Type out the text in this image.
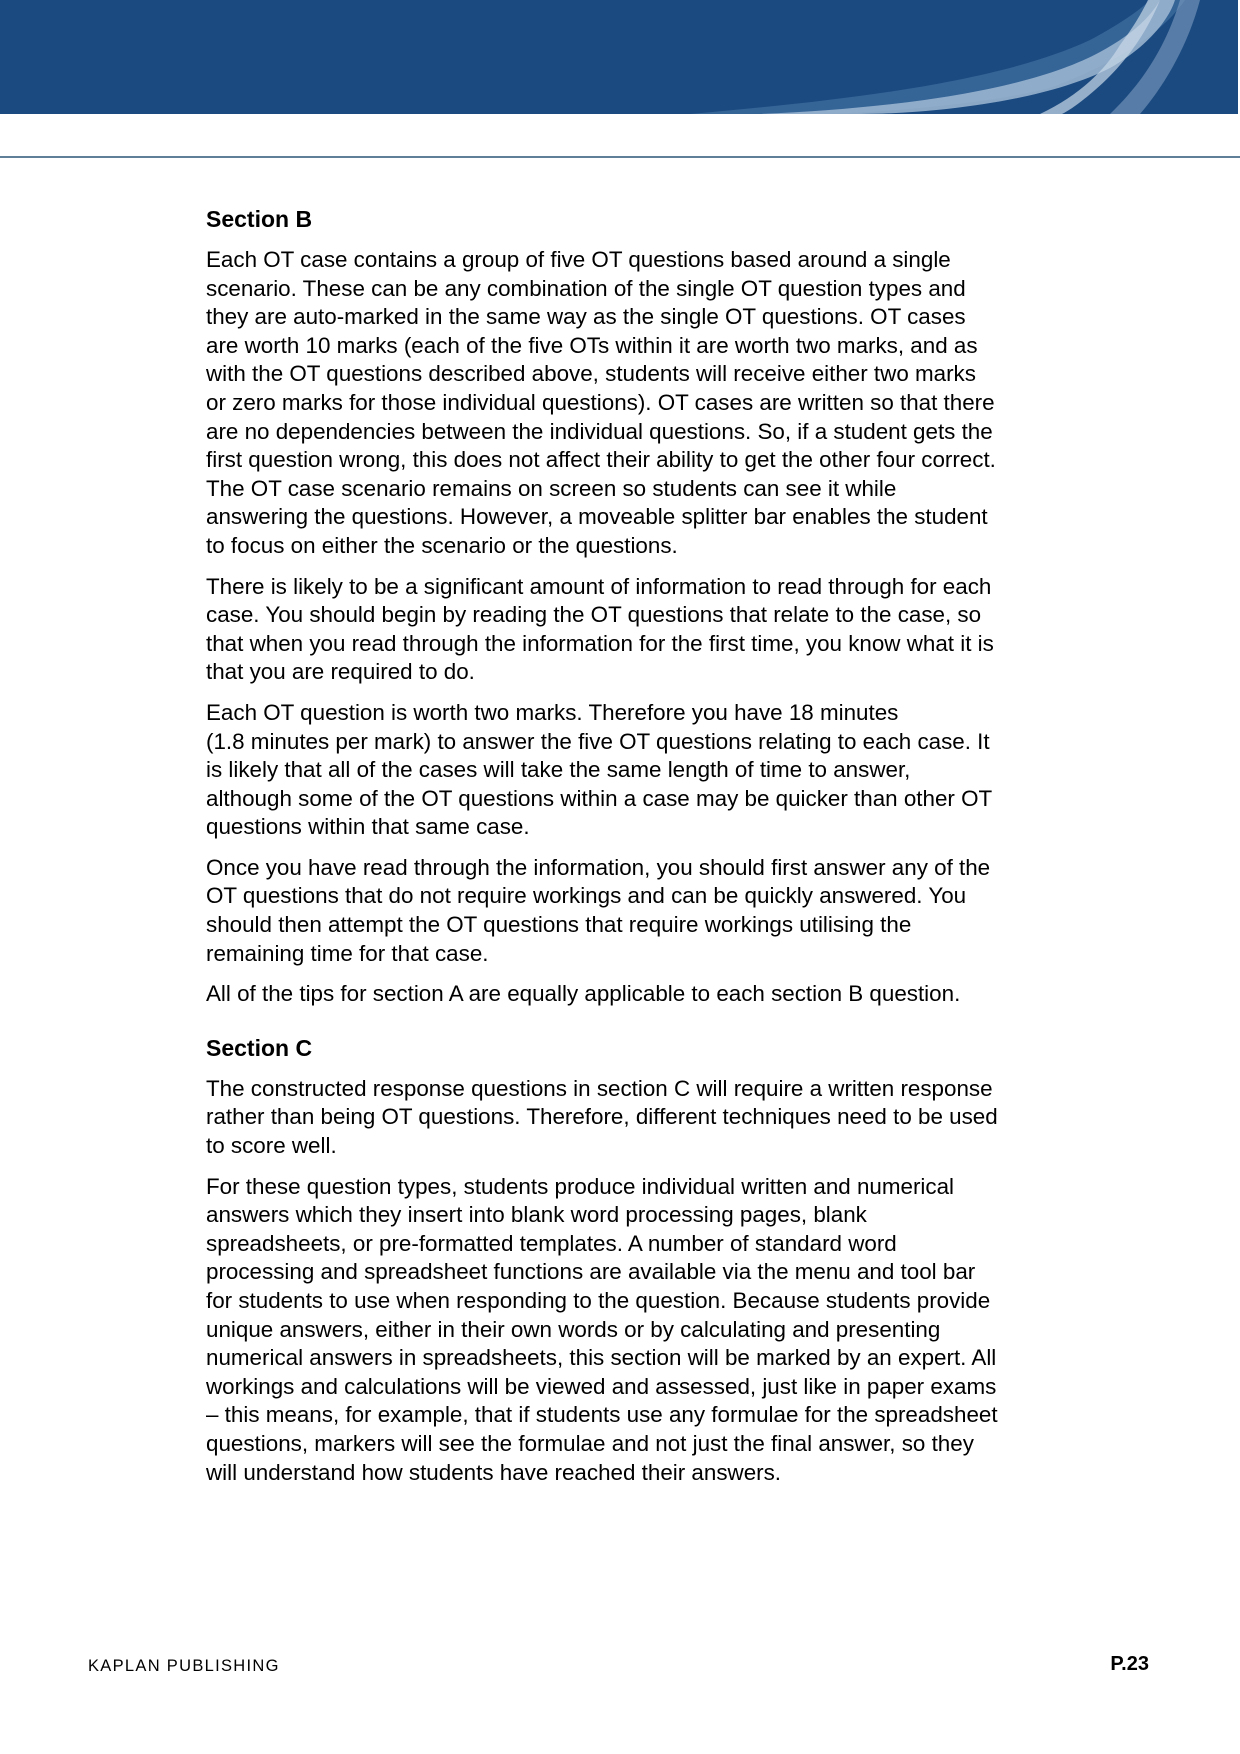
Section B

Each OT case contains a group of five OT questions based around a single
scenario. These can be any combination of the single OT question types and
they are auto-marked in the same way as the single OT questions. OT cases
are worth 10 marks (each of the five OTs within it are worth two marks, and as
with the OT questions described above, students will receive either two marks
or zero marks for those individual questions). OT cases are written so that there
are no dependencies between the individual questions. So, if a student gets the
first question wrong, this does not affect their ability to get the other four correct.
The OT case scenario remains on screen so students can see it while
answering the questions. However, a moveable splitter bar enables the student
to focus on either the scenario or the questions.

There is likely to be a significant amount of information to read through for each
case. You should begin by reading the OT questions that relate to the case, so
that when you read through the information for the first time, you know what it is
that you are required to do.

Each OT question is worth two marks. Therefore you have 18 minutes
(1.8 minutes per mark) to answer the five OT questions relating to each case. It
is likely that all of the cases will take the same length of time to answer,
although some of the OT questions within a case may be quicker than other OT
questions within that same case.

Once you have read through the information, you should first answer any of the
OT questions that do not require workings and can be quickly answered. You
should then attempt the OT questions that require workings utilising the
remaining time for that case.

All of the tips for section A are equally applicable to each section B question.

Section C

The constructed response questions in section C will require a written response
rather than being OT questions. Therefore, different techniques need to be used
to score well.

For these question types, students produce individual written and numerical
answers which they insert into blank word processing pages, blank
spreadsheets, or pre-formatted templates. A number of standard word
processing and spreadsheet functions are available via the menu and tool bar
for students to use when responding to the question. Because students provide
unique answers, either in their own words or by calculating and presenting
numerical answers in spreadsheets, this section will be marked by an expert. All
workings and calculations will be viewed and assessed, just like in paper exams
– this means, for example, that if students use any formulae for the spreadsheet
questions, markers will see the formulae and not just the final answer, so they
will understand how students have reached their answers.

KAPLAN PUBLISHING	P.23
